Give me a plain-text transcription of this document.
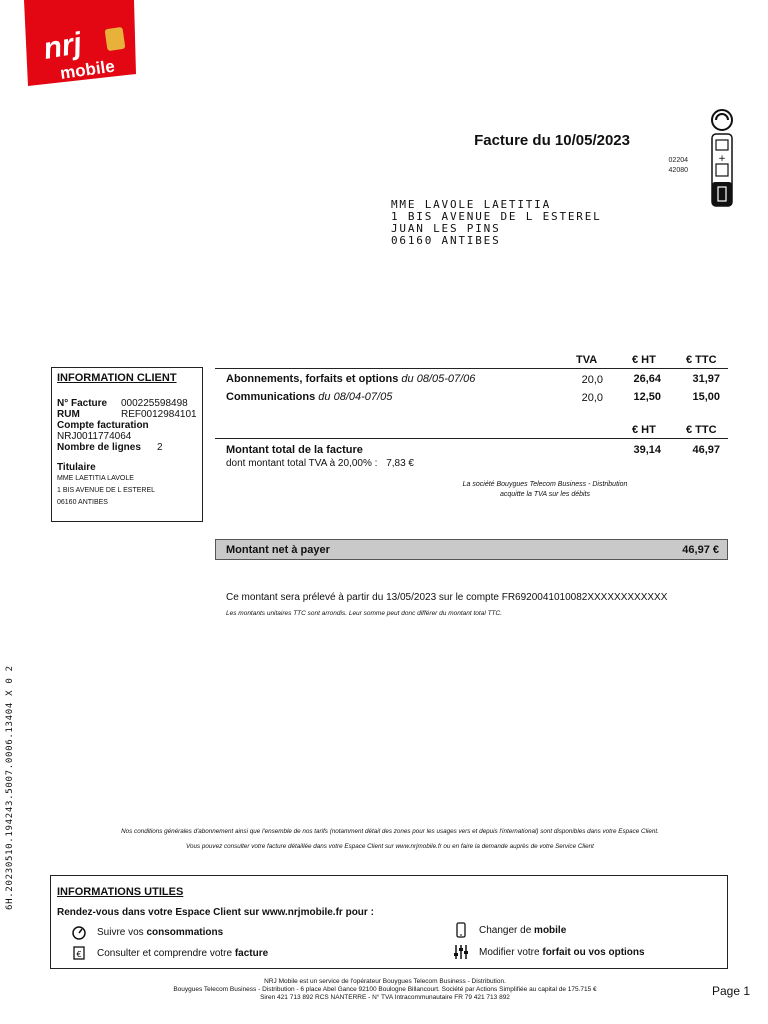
nrj
mobile
Facture du 10/05/2023
02204
42080
+
MME LAVOLE LAETITIA
1 BIS AVENUE DE L ESTEREL
JUAN LES PINS
06160 ANTIBES
INFORMATION CLIENT
N° Facture	000225598498
RUM	REF0012984101
Compte facturation
NRJ0011774064
Nombre de lignes	2
Titulaire
MME LAETITIA LAVOLE
1 BIS AVENUE DE L ESTEREL
06160 ANTIBES
TVA	€ HT	€ TTC
Abonnements, forfaits et options du 08/05-07/06	20,0	26,64	31,97
Communications du 08/04-07/05	20,0	12,50	15,00
€ HT	€ TTC
Montant total de la facture
dont montant total TVA à 20,00% : 7,83 €
39,14	46,97
La société Bouygues Telecom Business - Distribution
acquitte la TVA sur les débits
Montant net à payer	46,97 €
Ce montant sera prélevé à partir du 13/05/2023 sur le compte FR6920041010082XXXXXXXXXXXX
Les montants unitaires TTC sont arrondis. Leur somme peut donc différer du montant total TTC.
6H.20230510.194243.5007.0006.13404 X 0 2	Nos conditions générales d'abonnement ainsi que l'ensemble de nos tarifs (notamment détail des zones pour les usages vers et depuis l'international) sont disponibles dans votre Espace Client.
Vous pouvez consulter votre facture détaillée dans votre Espace Client sur www.nrjmobile.fr ou en faire la demande auprès de votre Service Client
INFORMATIONS UTILES
Rendez-vous dans votre Espace Client sur www.nrjmobile.fr pour :
Suivre vos consommations
€ Consulter et comprendre votre facture
Changer de mobile
Modifier votre forfait ou vos options
NRJ Mobile est un service de l'opérateur Bouygues Telecom Business - Distribution.
Bouygues Telecom Business - Distribution - 6 place Abel Gance 92100 Boulogne Billancourt. Société par Actions Simplifiée au capital de 175.715 €
Siren 421 713 892 RCS NANTERRE - N° TVA Intracommunautaire FR 79 421 713 892	Page 1
